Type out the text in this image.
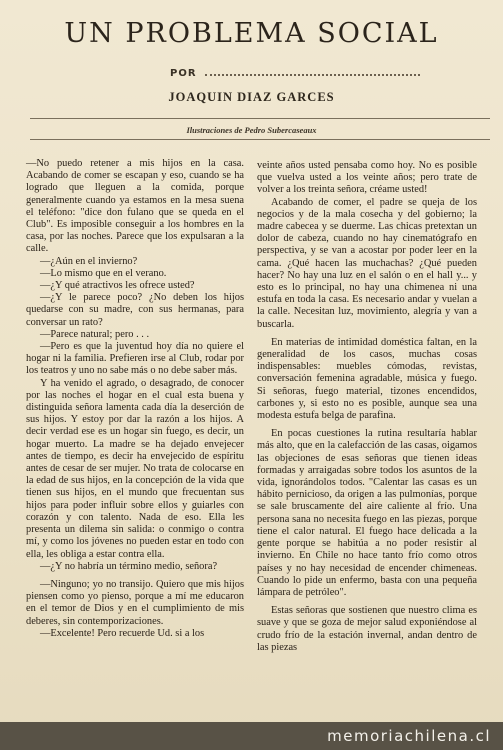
UN PROBLEMA SOCIAL
POR
JOAQUIN DIAZ GARCES
Ilustraciones de Pedro Subercaseaux

—No puedo retener a mis hijos en la casa. Acabando de comer se escapan y eso, cuando se ha logrado que lleguen a la comida, porque generalmente cuando ya estamos en la mesa suena el teléfono: "dice don fulano que se queda en el Club". Es imposible conseguir a los hombres en la casa, por las noches. Parece que los expulsaran a la calle.

—¿Aún en el invierno?

—Lo mismo que en el verano.

—¿Y qué atractivos les ofrece usted?

—¿Y le parece poco? ¿No deben los hijos quedarse con su madre, con sus hermanas, para conversar un rato?

—Parece natural; pero . . .

—Pero es que la juventud hoy día no quiere el hogar ni la familia. Prefieren irse al Club, rodar por los teatros y uno no sabe más o no debe saber más.

Y ha venido el agrado, o desagrado, de conocer por las noches el hogar en el cual esta buena y distinguida señora lamenta cada día la deserción de sus hijos. Y estoy por dar la razón a los hijos. A decir verdad ese es un hogar sin fuego, es decir, un hogar muerto. La madre se ha dejado envejecer antes de tiempo, es decir ha envejecido de espíritu antes de cesar de ser mujer. No trata de colocarse en la edad de sus hijos, en la concepción de la vida que tienen sus hijos, en el mundo que frecuentan sus hijos para poder influir sobre ellos y guiarles con corazón y con talento. Nada de eso. Ella les presenta un dilema sin salida: o conmigo o contra mí, y como los jóvenes no pueden estar en todo con ella, les obliga a estar contra ella.

—¿Y no habría un término medio, señora?

—Ninguno; yo no transijo. Quiero que mis hijos piensen como yo pienso, porque a mí me educaron en el temor de Dios y en el cumplimiento de mis deberes, sin contemporizaciones.

—Excelente! Pero recuerde Ud. si a los

veinte años usted pensaba como hoy. No es posible que vuelva usted a los veinte años; pero trate de volver a los treinta señora, créame usted!

Acabando de comer, el padre se queja de los negocios y de la mala cosecha y del gobierno; la madre cabecea y se duerme. Las chicas pretextan un dolor de cabeza, cuando no hay cinematógrafo en perspectiva, y se van a acostar por poder leer en la cama. ¿Qué hacen las muchachas? ¿Qué pueden hacer? No hay una luz en el salón o en el hall y... y esto es lo principal, no hay una chimenea ni una estufa en toda la casa. Es necesario andar y vuelan a la calle. Necesitan luz, movimiento, alegría y van a buscarla.

En materias de intimidad doméstica faltan, en la generalidad de los casos, muchas cosas indispensables: muebles cómodas, revistas, conversación femenina agradable, música y fuego. Si señoras, fuego material, tizones encendidos, carbones y, si esto no es posible, aunque sea una modesta estufa belga de parafina.

En pocas cuestiones la rutina resultaría hablar más alto, que en la calefacción de las casas, oigamos las objeciones de esas señoras que tienen ideas formadas y arraigadas sobre todos los asuntos de la vida, ignorándolos todos. "Calentar las casas es un hábito pernicioso, da origen a las pulmonías, porque se sale bruscamente del aire caliente al frío. Una persona sana no necesita fuego en las piezas, porque tiene el calor natural. El fuego hace delicada a la gente porque se habitúa a no poder resistir al invierno. En Chile no hace tanto frío como otros países y no hay necesidad de encender chimeneas. Cuando lo pide un enfermo, basta con una pequeña lámpara de petróleo".

Estas señoras que sostienen que nuestro clima es suave y que se goza de mejor salud exponiéndose al crudo frío de la estación invernal, andan dentro de las piezas

memoriachilena.cl
